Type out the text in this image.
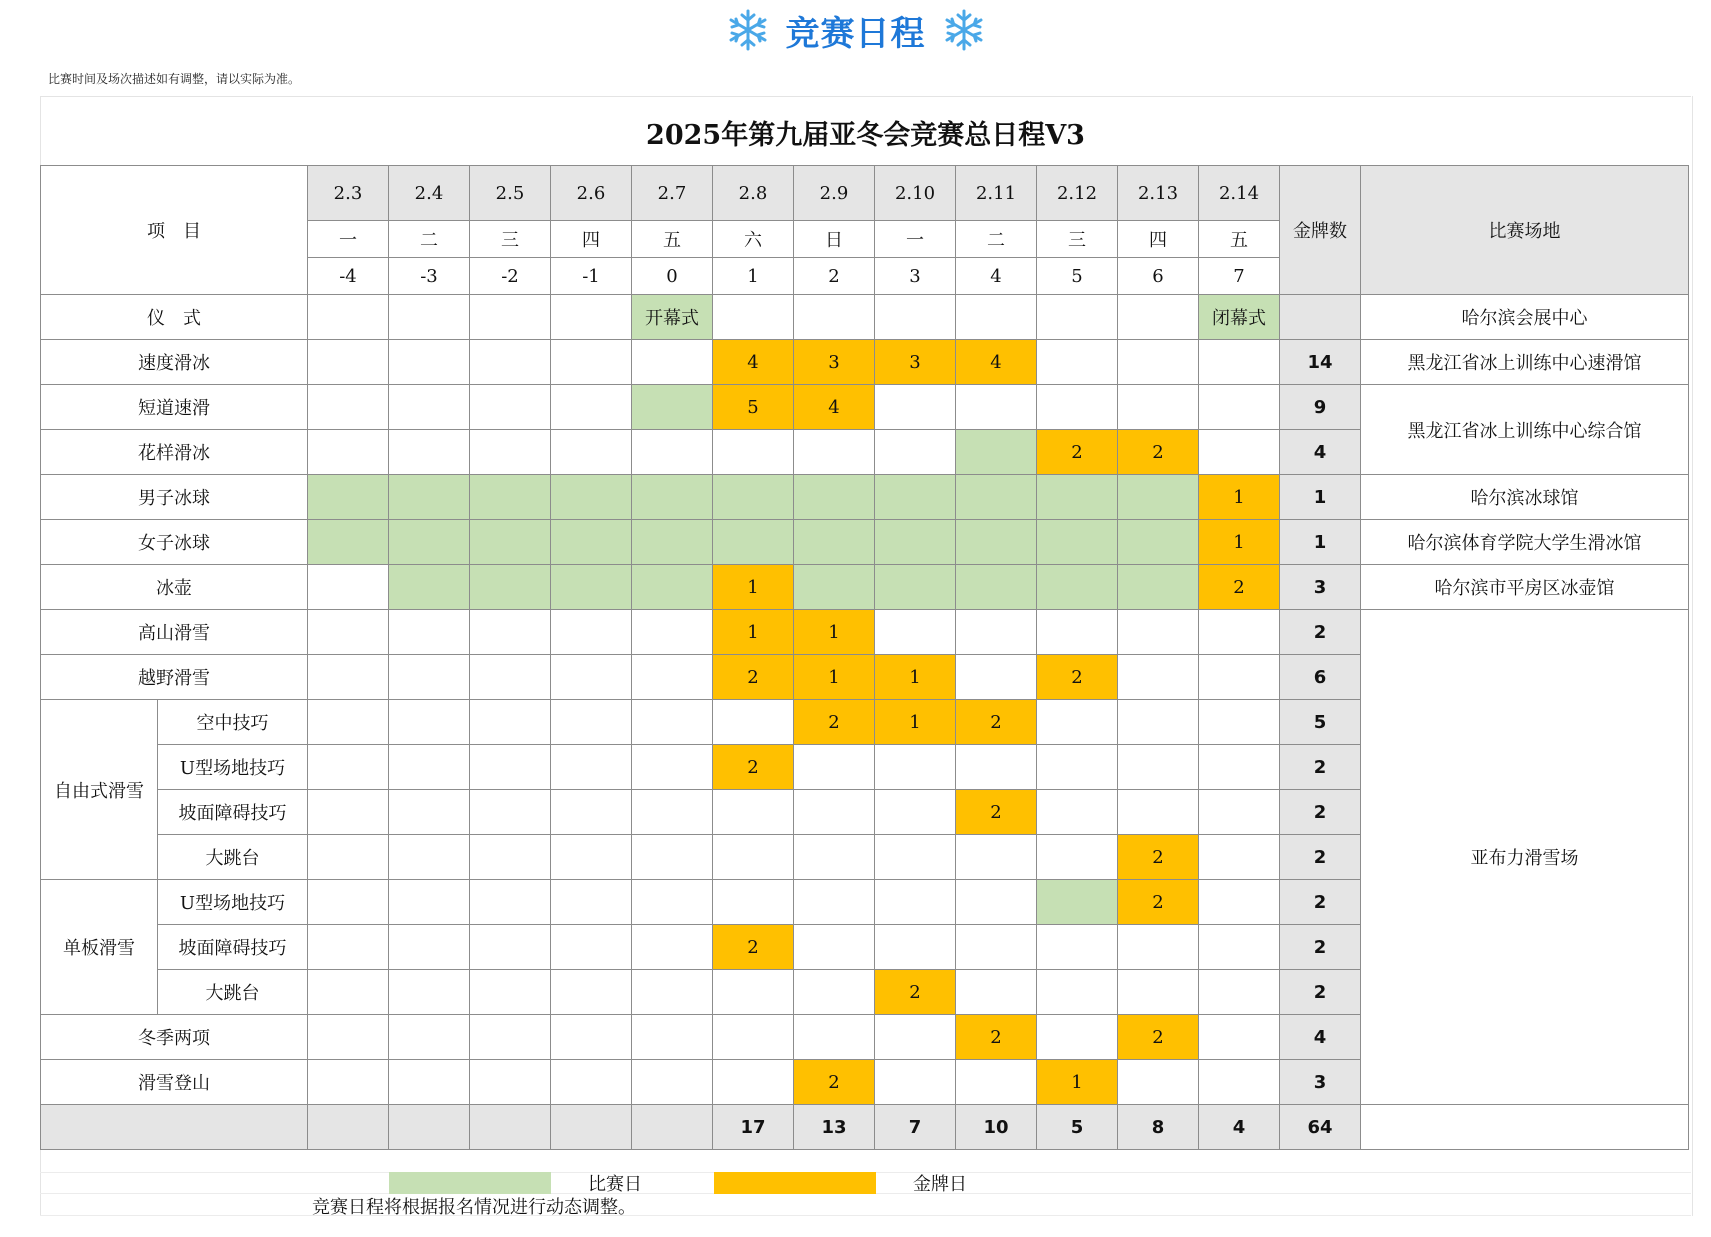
竞赛日程
比赛时间及场次描述如有调整，请以实际为准。
2025年第九届亚冬会竞赛总日程V3
项　目		2.3	2.4	2.5	2.6	2.7	2.8	2.9	2.10	2.11	2.12	2.13	2.14	金牌数	比赛场地
		一	二	三	四	五	六	日	一	二	三	四	五		
		-4	-3	-2	-1	0	1	2	3	4	5	6	7		
仪　式						开幕式							闭幕式		哈尔滨会展中心
速度滑冰							4	3	3	4				14	黑龙江省冰上训练中心速滑馆
短道速滑							5	4						9	黑龙江省冰上训练中心综合馆
花样滑冰											2	2		4	
男子冰球													1	1	哈尔滨冰球馆
女子冰球													1	1	哈尔滨体育学院大学生滑冰馆
冰壶							1						2	3	哈尔滨市平房区冰壶馆
高山滑雪							1	1						2	亚布力滑雪场
越野滑雪							2	1	1		2			6	
自由式滑雪	空中技巧							2	1	2				5	
	U型场地技巧						2							2	
	坡面障碍技巧									2				2	
	大跳台											2		2	
单板滑雪	U型场地技巧											2		2	
	坡面障碍技巧						2							2	
	大跳台								2					2	
冬季两项										2		2		4	
滑雪登山								2			1			3	
							17	13	7	10	5	8	4	64	
比赛日	金牌日
竞赛日程将根据报名情况进行动态调整。
